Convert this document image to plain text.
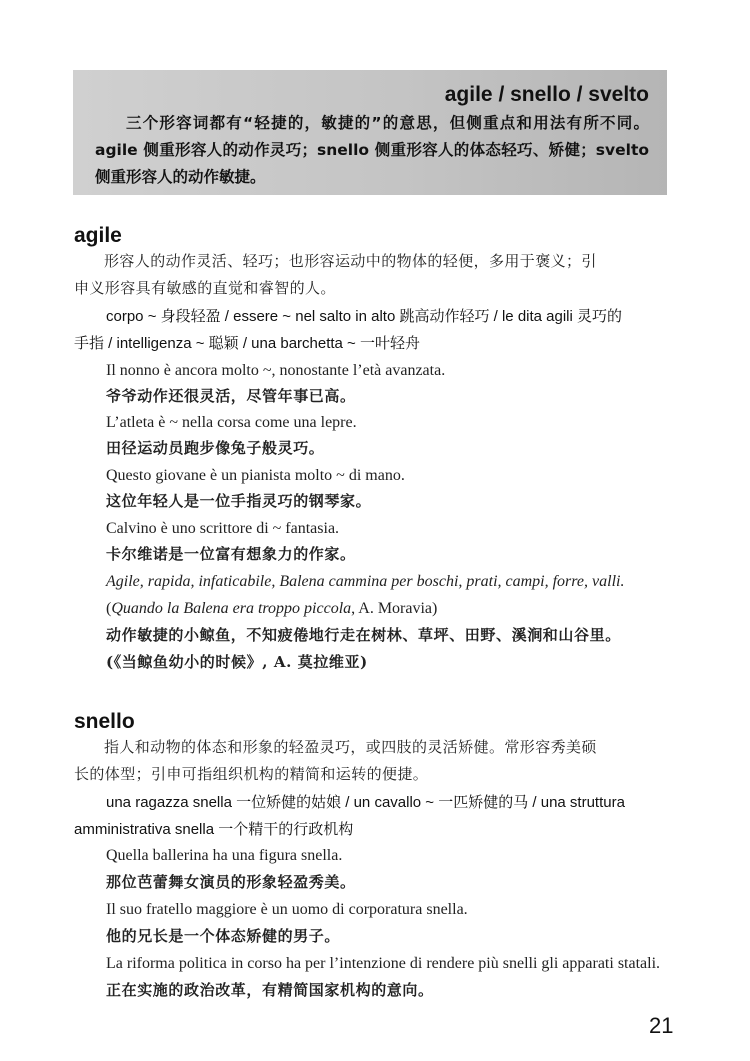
agile / snello / svelto
三个形容词都有“轻捷的，敏捷的”的意思，但侧重点和用法有所不同。agile 侧重形容人的动作灵巧；snello 侧重形容人的体态轻巧、矫健；svelto 侧重形容人的动作敏捷。
agile
形容人的动作灵活、轻巧；也形容运动中的物体的轻便，多用于褒义；引
申义形容具有敏感的直觉和睿智的人。
corpo ~ 身段轻盈 / essere ~ nel salto in alto 跳高动作轻巧 / le dita agili 灵巧的
手指 / intelligenza ~ 聪颖 / una barchetta ~ 一叶轻舟
Il nonno è ancora molto ~, nonostante l’età avanzata.
爷爷动作还很灵活，尽管年事已高。
L’atleta è ~ nella corsa come una lepre.
田径运动员跑步像兔子般灵巧。
Questo giovane è un pianista molto ~ di mano.
这位年轻人是一位手指灵巧的钢琴家。
Calvino è uno scrittore di ~ fantasia.
卡尔维诺是一位富有想象力的作家。
Agile, rapida, infaticabile, Balena cammina per boschi, prati, campi, forre, valli.
(Quando la Balena era troppo piccola, A. Moravia)
动作敏捷的小鲸鱼，不知疲倦地行走在树林、草坪、田野、溪涧和山谷里。
(《当鲸鱼幼小的时候》, A. 莫拉维亚)
snello
指人和动物的体态和形象的轻盈灵巧，或四肢的灵活矫健。常形容秀美硕
长的体型；引申可指组织机构的精简和运转的便捷。
una ragazza snella 一位矫健的姑娘 / un cavallo ~ 一匹矫健的马 / una struttura
amministrativa snella 一个精干的行政机构
Quella ballerina ha una figura snella.
那位芭蕾舞女演员的形象轻盈秀美。
Il suo fratello maggiore è un uomo di corporatura snella.
他的兄长是一个体态矫健的男子。
La riforma politica in corso ha per l’intenzione di rendere più snelli gli apparati statali.
正在实施的政治改革，有精简国家机构的意向。
21
